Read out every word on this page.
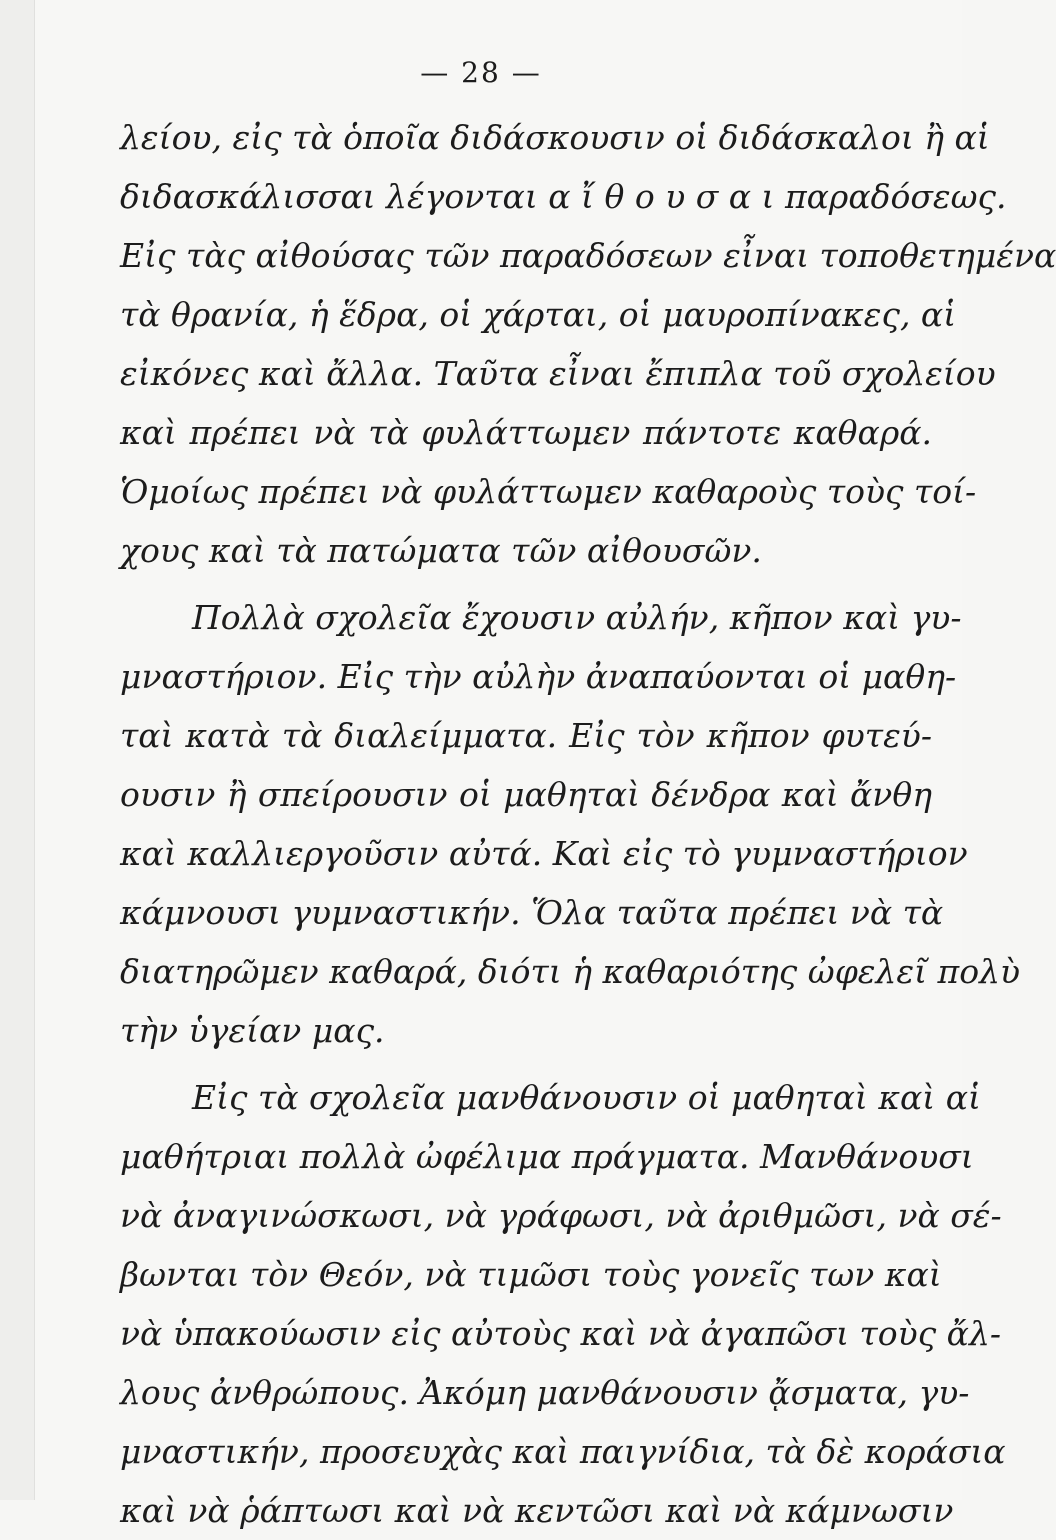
— 28 —
λείου, εἰς τὰ ὁποῖα διδάσκουσιν οἱ διδάσκαλοι ἢ αἱ
διδασκάλισσαι λέγονται α ἴ θ ο υ σ α ι παραδόσεως.
Εἰς τὰς αἰθούσας τῶν παραδόσεων εἶναι τοποθετημένα
τὰ θρανία, ἡ ἕδρα, οἱ χάρται, οἱ μαυροπίνακες, αἱ
εἰκόνες καὶ ἄλλα. Ταῦτα εἶναι ἔπιπλα τοῦ σχολείου
καὶ πρέπει νὰ τὰ φυλάττωμεν πάντοτε καθαρά.
Ὁμοίως πρέπει νὰ φυλάττωμεν καθαροὺς τοὺς τοί-
χους καὶ τὰ πατώματα τῶν αἰθουσῶν.
Πολλὰ σχολεῖα ἔχουσιν αὐλήν, κῆπον καὶ γυ-
μναστήριον. Εἰς τὴν αὐλὴν ἀναπαύονται οἱ μαθη-
ταὶ κατὰ τὰ διαλείμματα. Εἰς τὸν κῆπον φυτεύ-
ουσιν ἢ σπείρουσιν οἱ μαθηταὶ δένδρα καὶ ἄνθη
καὶ καλλιεργοῦσιν αὐτά. Καὶ εἰς τὸ γυμναστήριον
κάμνουσι γυμναστικήν. Ὅλα ταῦτα πρέπει νὰ τὰ
διατηρῶμεν καθαρά, διότι ἡ καθαριότης ὠφελεῖ πολὺ
τὴν ὑγείαν μας.
Εἰς τὰ σχολεῖα μανθάνουσιν οἱ μαθηταὶ καὶ αἱ
μαθήτριαι πολλὰ ὠφέλιμα πράγματα. Μανθάνουσι
νὰ ἀναγινώσκωσι, νὰ γράφωσι, νὰ ἀριθμῶσι, νὰ σέ-
βωνται τὸν Θεόν, νὰ τιμῶσι τοὺς γονεῖς των καὶ
νὰ ὑπακούωσιν εἰς αὐτοὺς καὶ νὰ ἀγαπῶσι τοὺς ἄλ-
λους ἀνθρώπους. Ἀκόμη μανθάνουσιν ᾄσματα, γυ-
μναστικήν, προσευχὰς καὶ παιγνίδια, τὰ δὲ κοράσια
καὶ νὰ ῥάπτωσι καὶ νὰ κεντῶσι καὶ νὰ κάμνωσιν
